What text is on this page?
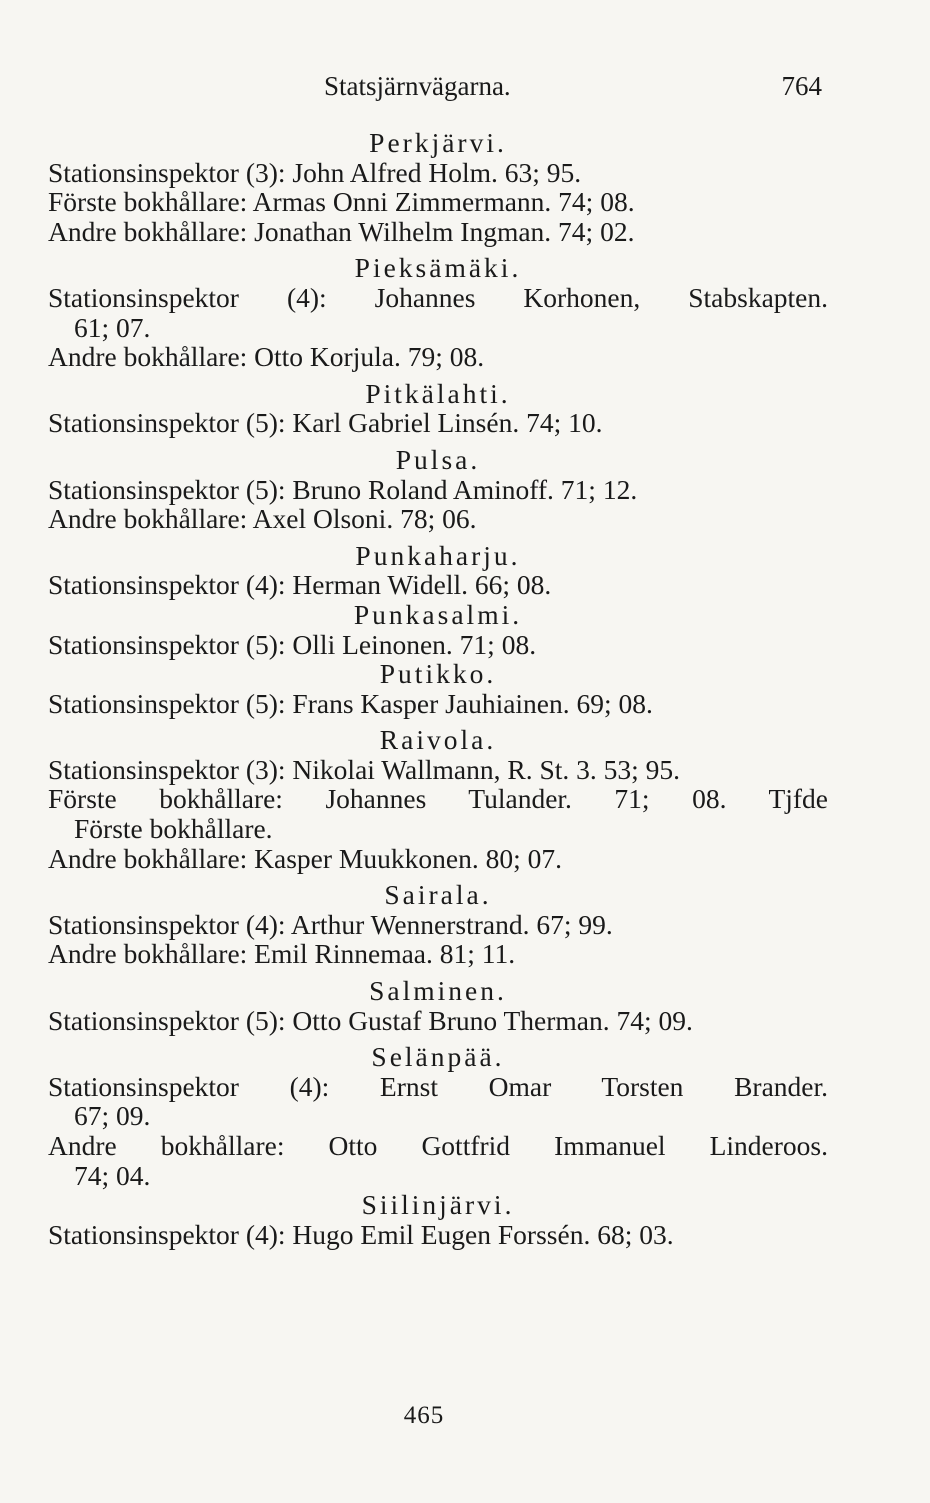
Statsjärnvägarna.	764

Perkjärvi.

Stationsinspektor (3): John Alfred Holm. 63; 95.

Förste bokhållare: Armas Onni Zimmermann. 74; 08.

Andre bokhållare: Jonathan Wilhelm Ingman. 74; 02.

Pieksämäki.

Stationsinspektor (4): Johannes Korhonen, Stabskapten.

61; 07.

Andre bokhållare: Otto Korjula. 79; 08.

Pitkälahti.

Stationsinspektor (5): Karl Gabriel Linsén. 74; 10.

Pulsa.

Stationsinspektor (5): Bruno Roland Aminoff. 71; 12.

Andre bokhållare: Axel Olsoni. 78; 06.

Punkaharju.

Stationsinspektor (4): Herman Widell. 66; 08.

Punkasalmi.

Stationsinspektor (5): Olli Leinonen. 71; 08.

Putikko.

Stationsinspektor (5): Frans Kasper Jauhiainen. 69; 08.

Raivola.

Stationsinspektor (3): Nikolai Wallmann, R. St. 3. 53; 95.

Förste bokhållare: Johannes Tulander. 71; 08. Tjfde

Förste bokhållare.

Andre bokhållare: Kasper Muukkonen. 80; 07.

Sairala.

Stationsinspektor (4): Arthur Wennerstrand. 67; 99.

Andre bokhållare: Emil Rinnemaa. 81; 11.

Salminen.

Stationsinspektor (5): Otto Gustaf Bruno Therman. 74; 09.

Selänpää.

Stationsinspektor (4): Ernst Omar Torsten Brander.

67; 09.

Andre bokhållare: Otto Gottfrid Immanuel Linderoos.

74; 04.

Siilinjärvi.

Stationsinspektor (4): Hugo Emil Eugen Forssén. 68; 03.

465
